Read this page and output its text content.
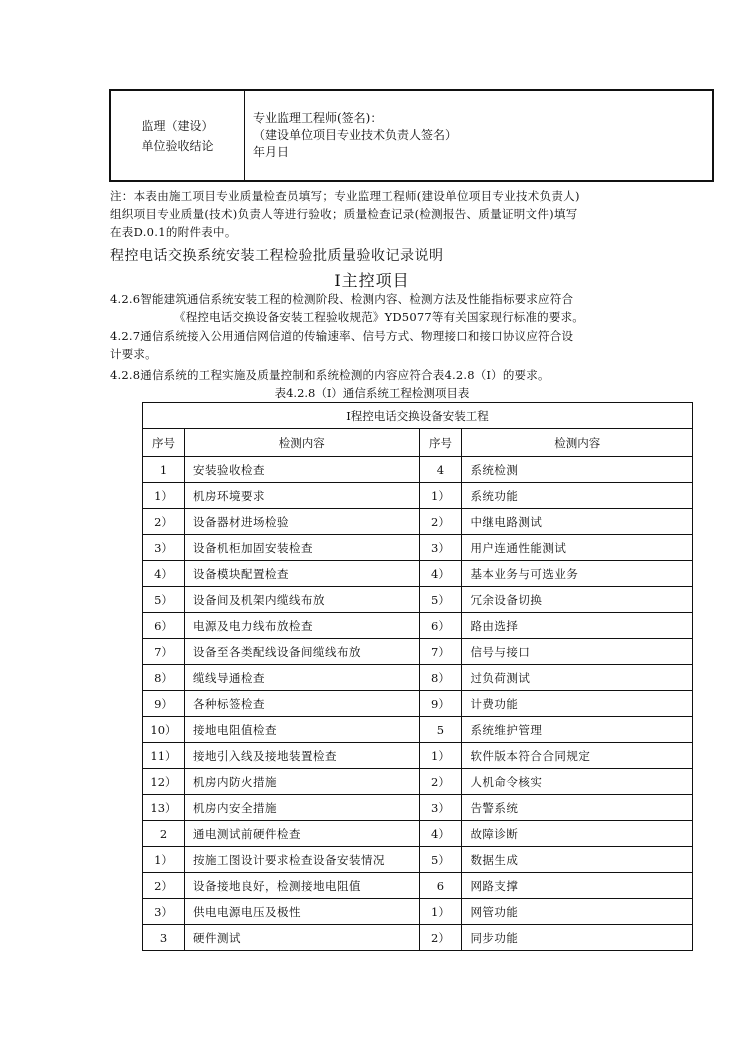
监理（建设）
单位验收结论

专业监理工程师(签名)：
（建设单位项目专业技术负责人签名）
年月日
注：本表由施工项目专业质量检查员填写；专业监理工程师(建设单位项目专业技术负责人)
组织项目专业质量(技术)负责人等进行验收；质量检查记录(检测报告、质量证明文件)填写
在表D.0.1的附件表中。
程控电话交换系统安装工程检验批质量验收记录说明
Ⅰ主控项目
4.2.6智能建筑通信系统安装工程的检测阶段、检测内容、检测方法及性能指标要求应符合
《程控电话交换设备安装工程验收规范》YD5077等有关国家现行标准的要求。
4.2.7通信系统接入公用通信网信道的传输速率、信号方式、物理接口和接口协议应符合设
计要求。
4.2.8通信系统的工程实施及质量控制和系统检测的内容应符合表4.2.8（I）的要求。
表4.2.8（I）通信系统工程检测项目表
I程控电话交换设备安装工程			
序号	检测内容	序号	检测内容
1	安装验收检查	4	系统检测
1）	机房环境要求	1）	系统功能
2）	设备器材进场检验	2）	中继电路测试
3）	设备机柜加固安装检查	3）	用户连通性能测试
4）	设备模块配置检查	4）	基本业务与可选业务
5）	设备间及机架内缆线布放	5）	冗余设备切换
6）	电源及电力线布放检查	6）	路由选择
7）	设备至各类配线设备间缆线布放	7）	信号与接口
8）	缆线导通检查	8）	过负荷测试
9）	各种标签检查	9）	计费功能
10）	接地电阻值检查	5	系统维护管理
11）	接地引入线及接地装置检查	1）	软件版本符合合同规定
12）	机房内防火措施	2）	人机命令核实
13）	机房内安全措施	3）	告警系统
2	通电测试前硬件检查	4）	故障诊断
1）	按施工图设计要求检查设备安装情况	5）	数据生成
2）	设备接地良好，检测接地电阻值	6	网路支撑
3）	供电电源电压及极性	1）	网管功能
3	硬件测试	2）	同步功能
